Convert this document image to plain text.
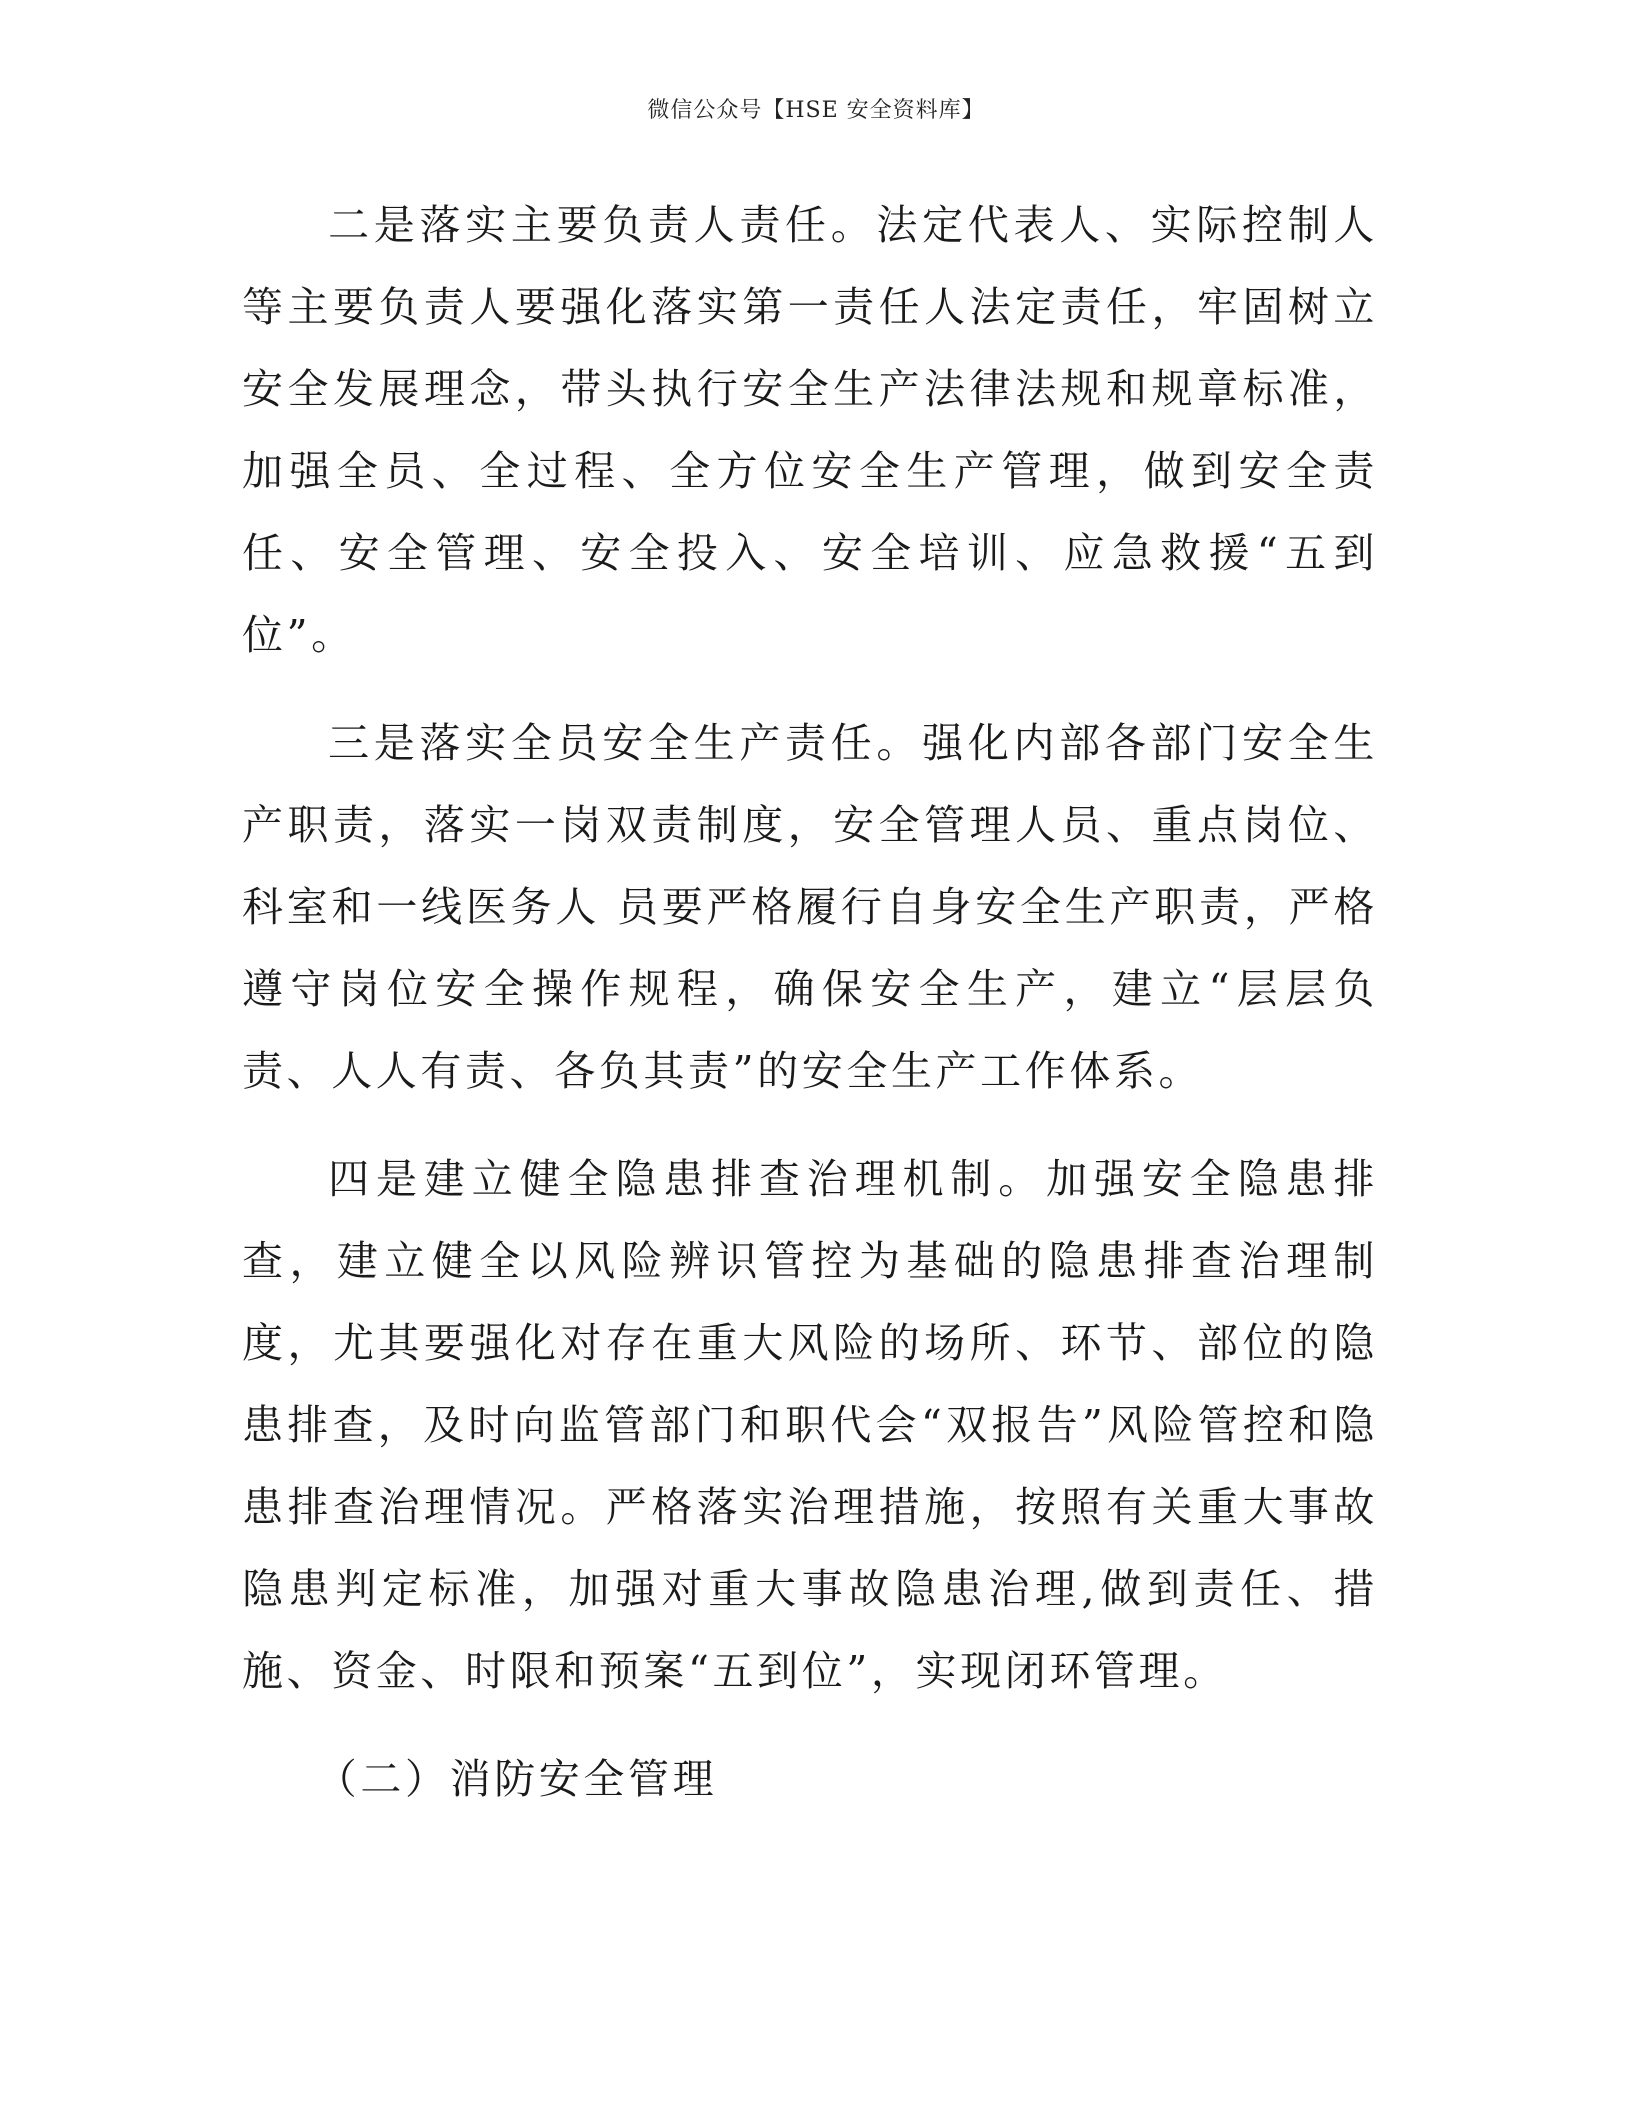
微信公众号【HSE 安全资料库】

二是落实主要负责人责任。法定代表人、实际控制人等主要负责人要强化落实第一责任人法定责任，牢固树立安全发展理念，带头执行安全生产法律法规和规章标准，加强全员、全过程、全方位安全生产管理，做到安全责任、安全管理、安全投入、安全培训、应急救援“五到位”。

三是落实全员安全生产责任。强化内部各部门安全生产职责，落实一岗双责制度，安全管理人员、重点岗位、科室和一线医务人 员要严格履行自身安全生产职责，严格遵守岗位安全操作规程，确保安全生产，建立“层层负责、人人有责、各负其责”的安全生产工作体系。

四是建立健全隐患排查治理机制。加强安全隐患排查，建立健全以风险辨识管控为基础的隐患排查治理制度，尤其要强化对存在重大风险的场所、环节、部位的隐患排查，及时向监管部门和职代会“双报告”风险管控和隐患排查治理情况。严格落实治理措施，按照有关重大事故隐患判定标准，加强对重大事故隐患治理,做到责任、措施、资金、时限和预案“五到位”，实现闭环管理。

（二）消防安全管理
